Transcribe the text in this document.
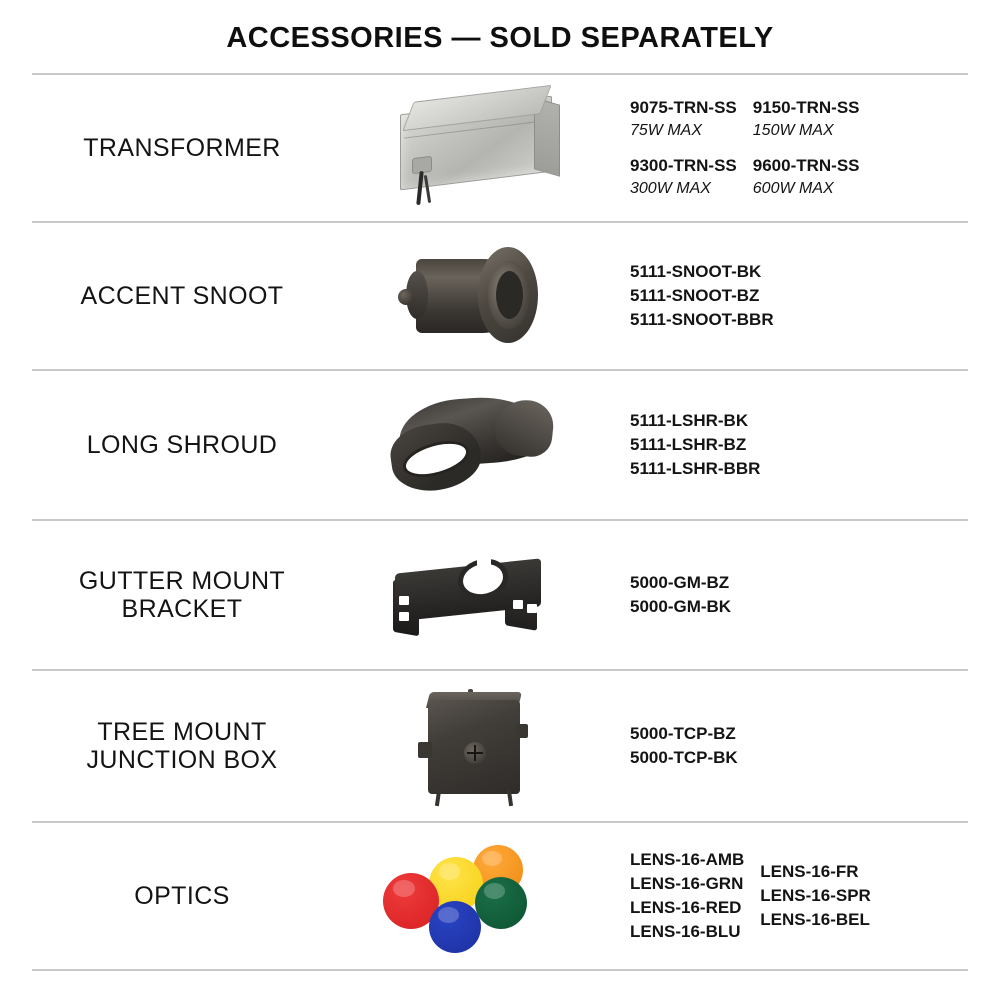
ACCESSORIES — SOLD SEPARATELY
TRANSFORMER
9075-TRN-SS
75W MAX
9300-TRN-SS
300W MAX
9150-TRN-SS
150W MAX
9600-TRN-SS
600W MAX
ACCENT SNOOT
5111-SNOOT-BK
5111-SNOOT-BZ
5111-SNOOT-BBR
LONG SHROUD
5111-LSHR-BK
5111-LSHR-BZ
5111-LSHR-BBR
GUTTER MOUNT
BRACKET
5000-GM-BZ
5000-GM-BK
TREE MOUNT
JUNCTION BOX
5000-TCP-BZ
5000-TCP-BK
OPTICS
LENS-16-AMB
LENS-16-GRN
LENS-16-RED
LENS-16-BLU
LENS-16-FR
LENS-16-SPR
LENS-16-BEL
